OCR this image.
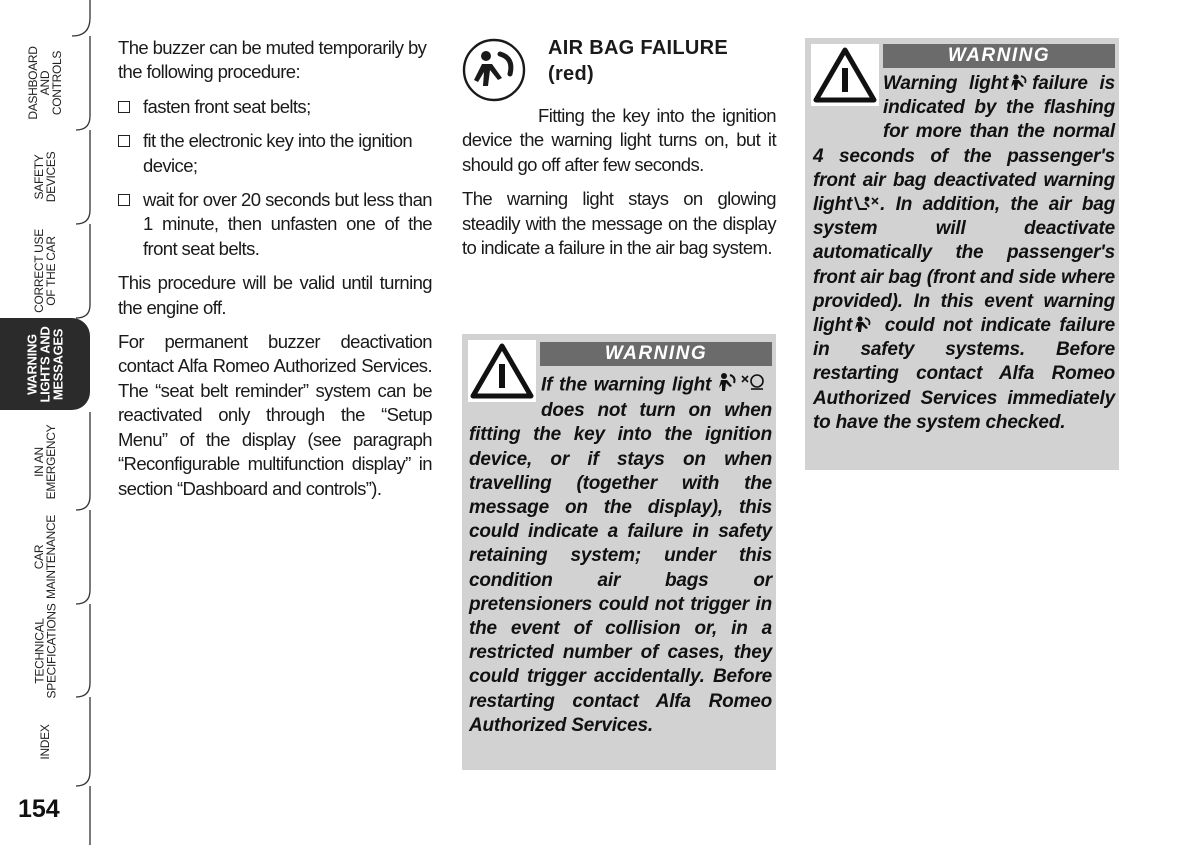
DASHBOARD
AND
CONTROLS
SAFETY
DEVICES
CORRECT USE
OF THE CAR
WARNING
LIGHTS AND
MESSAGES
IN AN
EMERGENCY
CAR
MAINTENANCE
TECHNICAL
SPECIFICATIONS
INDEX
154

The buzzer can be muted temporarily by the following procedure:

fasten front seat belts;
fit the electronic key into the ignition device;
wait for over 20 seconds but less than 1 minute, then unfasten one of the front seat belts.

This procedure will be valid until turning the engine off.

For permanent buzzer deactivation contact Alfa Romeo Authorized Services. The “seat belt reminder” system can be reactivated only through the “Setup Menu” of the display (see paragraph “Reconfigurable multifunction display” in section “Dashboard and controls”).

AIR BAG FAILURE
(red)

Fitting the key into the ignition device the warning light turns on, but it should go off after few seconds.

The warning light stays on glowing steadily with the message on the display to indicate a failure in the air bag system.

WARNING
If the warning light does not turn on when fitting the key into the ignition device, or if stays on when travelling (together with the message on the display), this could indicate a failure in safety retaining system; under this condition air bags or pretensioners could not trigger in the event of collision or, in a restricted number of cases, they could trigger accidentally. Before restarting contact Alfa Romeo Authorized Services.
WARNING
Warning light failure is indicated by the flashing for more than the normal 4 seconds of the passenger's front air bag deactivated warning light . In addition, the air bag system will deactivate automatically the passenger's front air bag (front and side where provided). In this event warning light could not indicate failure in safety systems. Before restarting contact Alfa Romeo Authorized Services immediately to have the system checked.
